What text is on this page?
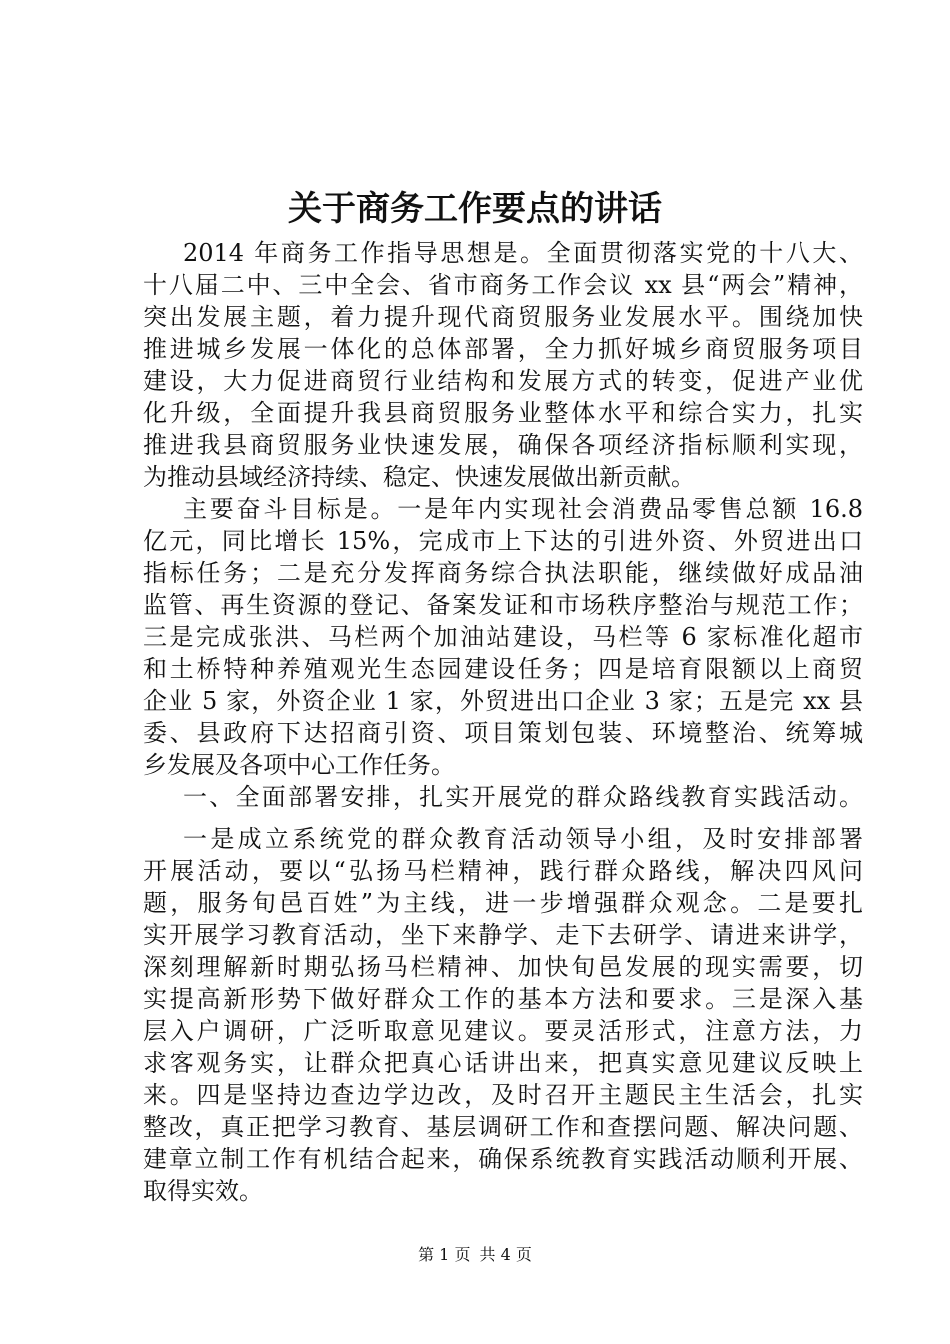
关于商务工作要点的讲话
2014 年商务工作指导思想是。全面贯彻落实党的十八大、
十八届二中、三中全会、省市商务工作会议 xx 县“两会”精神，
突出发展主题，着力提升现代商贸服务业发展水平。围绕加快
推进城乡发展一体化的总体部署，全力抓好城乡商贸服务项目
建设，大力促进商贸行业结构和发展方式的转变，促进产业优
化升级，全面提升我县商贸服务业整体水平和综合实力，扎实
推进我县商贸服务业快速发展，确保各项经济指标顺利实现，
为推动县域经济持续、稳定、快速发展做出新贡献。
主要奋斗目标是。一是年内实现社会消费品零售总额 16.8
亿元，同比增长 15%，完成市上下达的引进外资、外贸进出口
指标任务；二是充分发挥商务综合执法职能，继续做好成品油
监管、再生资源的登记、备案发证和市场秩序整治与规范工作；
三是完成张洪、马栏两个加油站建设，马栏等 6 家标准化超市
和土桥特种养殖观光生态园建设任务；四是培育限额以上商贸
企业 5 家，外资企业 1 家，外贸进出口企业 3 家；五是完 xx 县
委、县政府下达招商引资、项目策划包装、环境整治、统筹城
乡发展及各项中心工作任务。
一、全面部署安排，扎实开展党的群众路线教育实践活动。
一是成立系统党的群众教育活动领导小组，及时安排部署
开展活动，要以“弘扬马栏精神，践行群众路线，解决四风问
题，服务旬邑百姓”为主线，进一步增强群众观念。二是要扎
实开展学习教育活动，坐下来静学、走下去研学、请进来讲学，
深刻理解新时期弘扬马栏精神、加快旬邑发展的现实需要，切
实提高新形势下做好群众工作的基本方法和要求。三是深入基
层入户调研，广泛听取意见建议。要灵活形式，注意方法，力
求客观务实，让群众把真心话讲出来，把真实意见建议反映上
来。四是坚持边查边学边改，及时召开主题民主生活会，扎实
整改，真正把学习教育、基层调研工作和查摆问题、解决问题、
建章立制工作有机结合起来，确保系统教育实践活动顺利开展、
取得实效。
第 1 页 共 4 页
